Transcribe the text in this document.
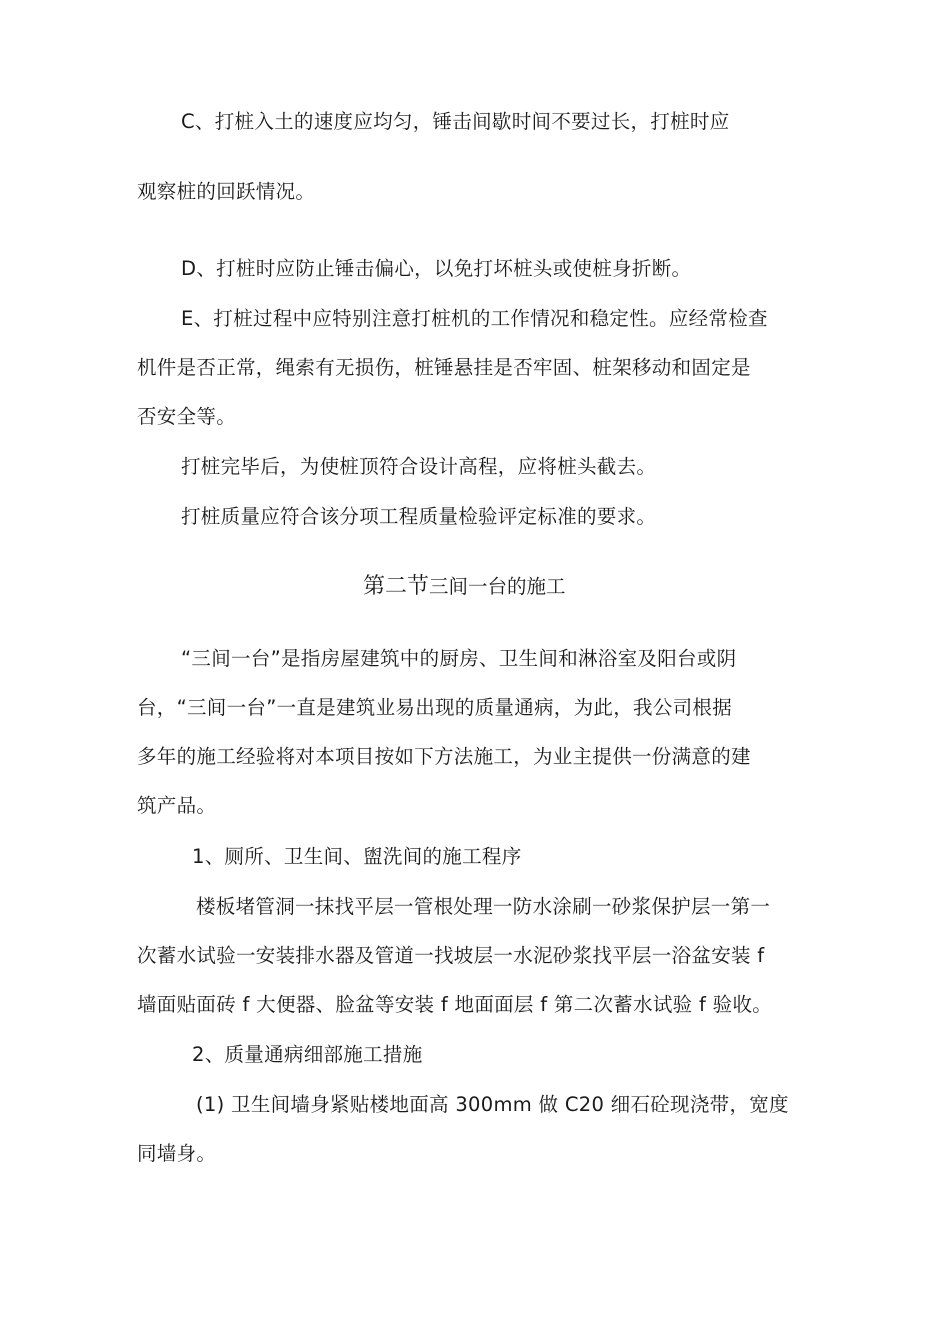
C、打桩入土的速度应均匀，锤击间歇时间不要过长，打桩时应
观察桩的回跃情况。
D、打桩时应防止锤击偏心，以免打坏桩头或使桩身折断。
E、打桩过程中应特别注意打桩机的工作情况和稳定性。应经常检查
机件是否正常，绳索有无损伤，桩锤悬挂是否牢固、桩架移动和固定是
否安全等。
打桩完毕后，为使桩顶符合设计高程，应将桩头截去。
打桩质量应符合该分项工程质量检验评定标准的要求。
第二节三间一台的施工
“三间一台”是指房屋建筑中的厨房、卫生间和淋浴室及阳台或阴
台，“三间一台”一直是建筑业易出现的质量通病，为此，我公司根据
多年的施工经验将对本项目按如下方法施工，为业主提供一份满意的建
筑产品。
1、厕所、卫生间、盥洗间的施工程序
楼板堵管洞一抹找平层一管根处理一防水涂刷一砂浆保护层一第一
次蓄水试验一安装排水器及管道一找坡层一水泥砂浆找平层一浴盆安装 f
墙面贴面砖 f 大便器、脸盆等安装 f 地面面层 f 第二次蓄水试验 f 验收。
2、质量通病细部施工措施
(1) 卫生间墙身紧贴楼地面高 300mm 做 C20 细石砼现浇带，宽度
同墙身。
